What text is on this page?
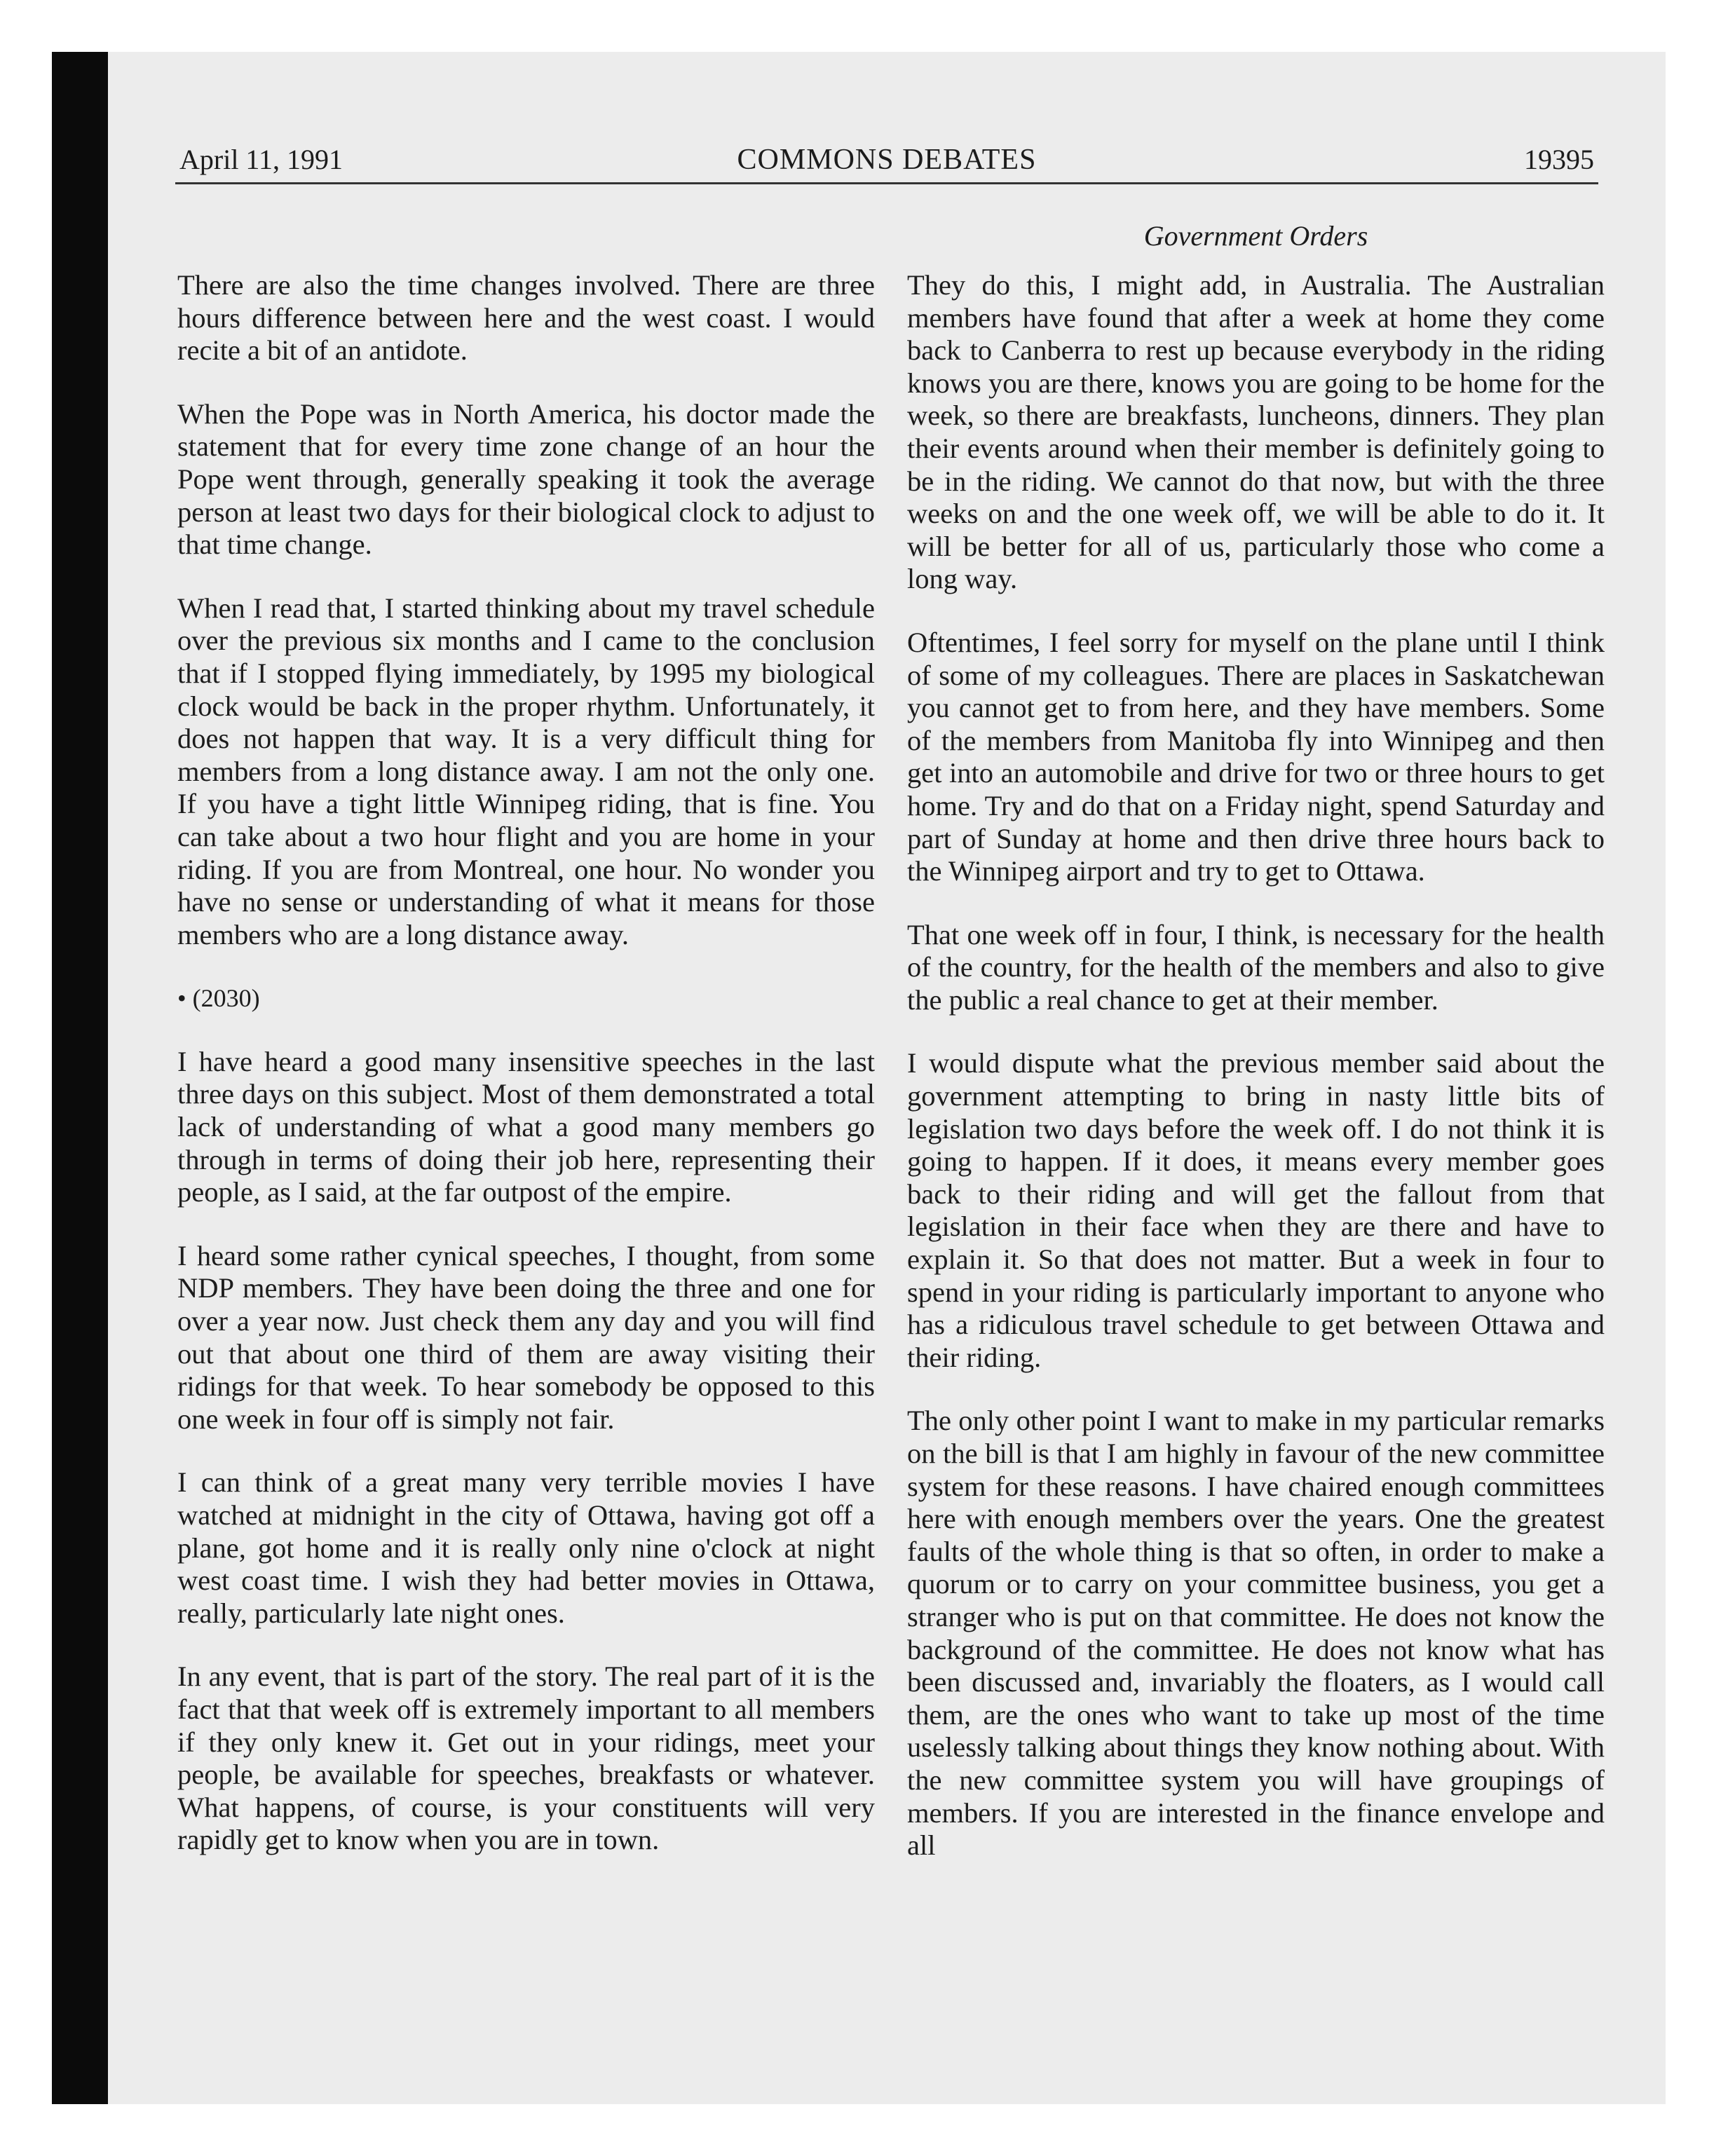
April 11, 1991	COMMONS DEBATES	19395
Government Orders

There are also the time changes involved. There are three hours difference between here and the west coast. I would recite a bit of an antidote.

When the Pope was in North America, his doctor made the statement that for every time zone change of an hour the Pope went through, generally speaking it took the average person at least two days for their biological clock to adjust to that time change.

When I read that, I started thinking about my travel schedule over the previous six months and I came to the conclusion that if I stopped flying immediately, by 1995 my biological clock would be back in the proper rhythm. Unfortunately, it does not happen that way. It is a very difficult thing for members from a long distance away. I am not the only one. If you have a tight little Winnipeg riding, that is fine. You can take about a two hour flight and you are home in your riding. If you are from Montreal, one hour. No wonder you have no sense or understanding of what it means for those members who are a long distance away.

• (2030)

I have heard a good many insensitive speeches in the last three days on this subject. Most of them demonstrated a total lack of understanding of what a good many members go through in terms of doing their job here, representing their people, as I said, at the far outpost of the empire.

I heard some rather cynical speeches, I thought, from some NDP members. They have been doing the three and one for over a year now. Just check them any day and you will find out that about one third of them are away visiting their ridings for that week. To hear somebody be opposed to this one week in four off is simply not fair.

I can think of a great many very terrible movies I have watched at midnight in the city of Ottawa, having got off a plane, got home and it is really only nine o'clock at night west coast time. I wish they had better movies in Ottawa, really, particularly late night ones.

In any event, that is part of the story. The real part of it is the fact that that week off is extremely important to all members if they only knew it. Get out in your ridings, meet your people, be available for speeches, breakfasts or whatever. What happens, of course, is your constituents will very rapidly get to know when you are in town.

They do this, I might add, in Australia. The Australian members have found that after a week at home they come back to Canberra to rest up because everybody in the riding knows you are there, knows you are going to be home for the week, so there are breakfasts, luncheons, dinners. They plan their events around when their member is definitely going to be in the riding. We cannot do that now, but with the three weeks on and the one week off, we will be able to do it. It will be better for all of us, particularly those who come a long way.

Oftentimes, I feel sorry for myself on the plane until I think of some of my colleagues. There are places in Saskatchewan you cannot get to from here, and they have members. Some of the members from Manitoba fly into Winnipeg and then get into an automobile and drive for two or three hours to get home. Try and do that on a Friday night, spend Saturday and part of Sunday at home and then drive three hours back to the Winnipeg airport and try to get to Ottawa.

That one week off in four, I think, is necessary for the health of the country, for the health of the members and also to give the public a real chance to get at their member.

I would dispute what the previous member said about the government attempting to bring in nasty little bits of legislation two days before the week off. I do not think it is going to happen. If it does, it means every member goes back to their riding and will get the fallout from that legislation in their face when they are there and have to explain it. So that does not matter. But a week in four to spend in your riding is particularly important to anyone who has a ridiculous travel schedule to get between Ottawa and their riding.

The only other point I want to make in my particular remarks on the bill is that I am highly in favour of the new committee system for these reasons. I have chaired enough committees here with enough members over the years. One the greatest faults of the whole thing is that so often, in order to make a quorum or to carry on your committee business, you get a stranger who is put on that committee. He does not know the background of the committee. He does not know what has been discussed and, invariably the floaters, as I would call them, are the ones who want to take up most of the time uselessly talking about things they know nothing about. With the new committee system you will have groupings of members. If you are interested in the finance envelope and all
